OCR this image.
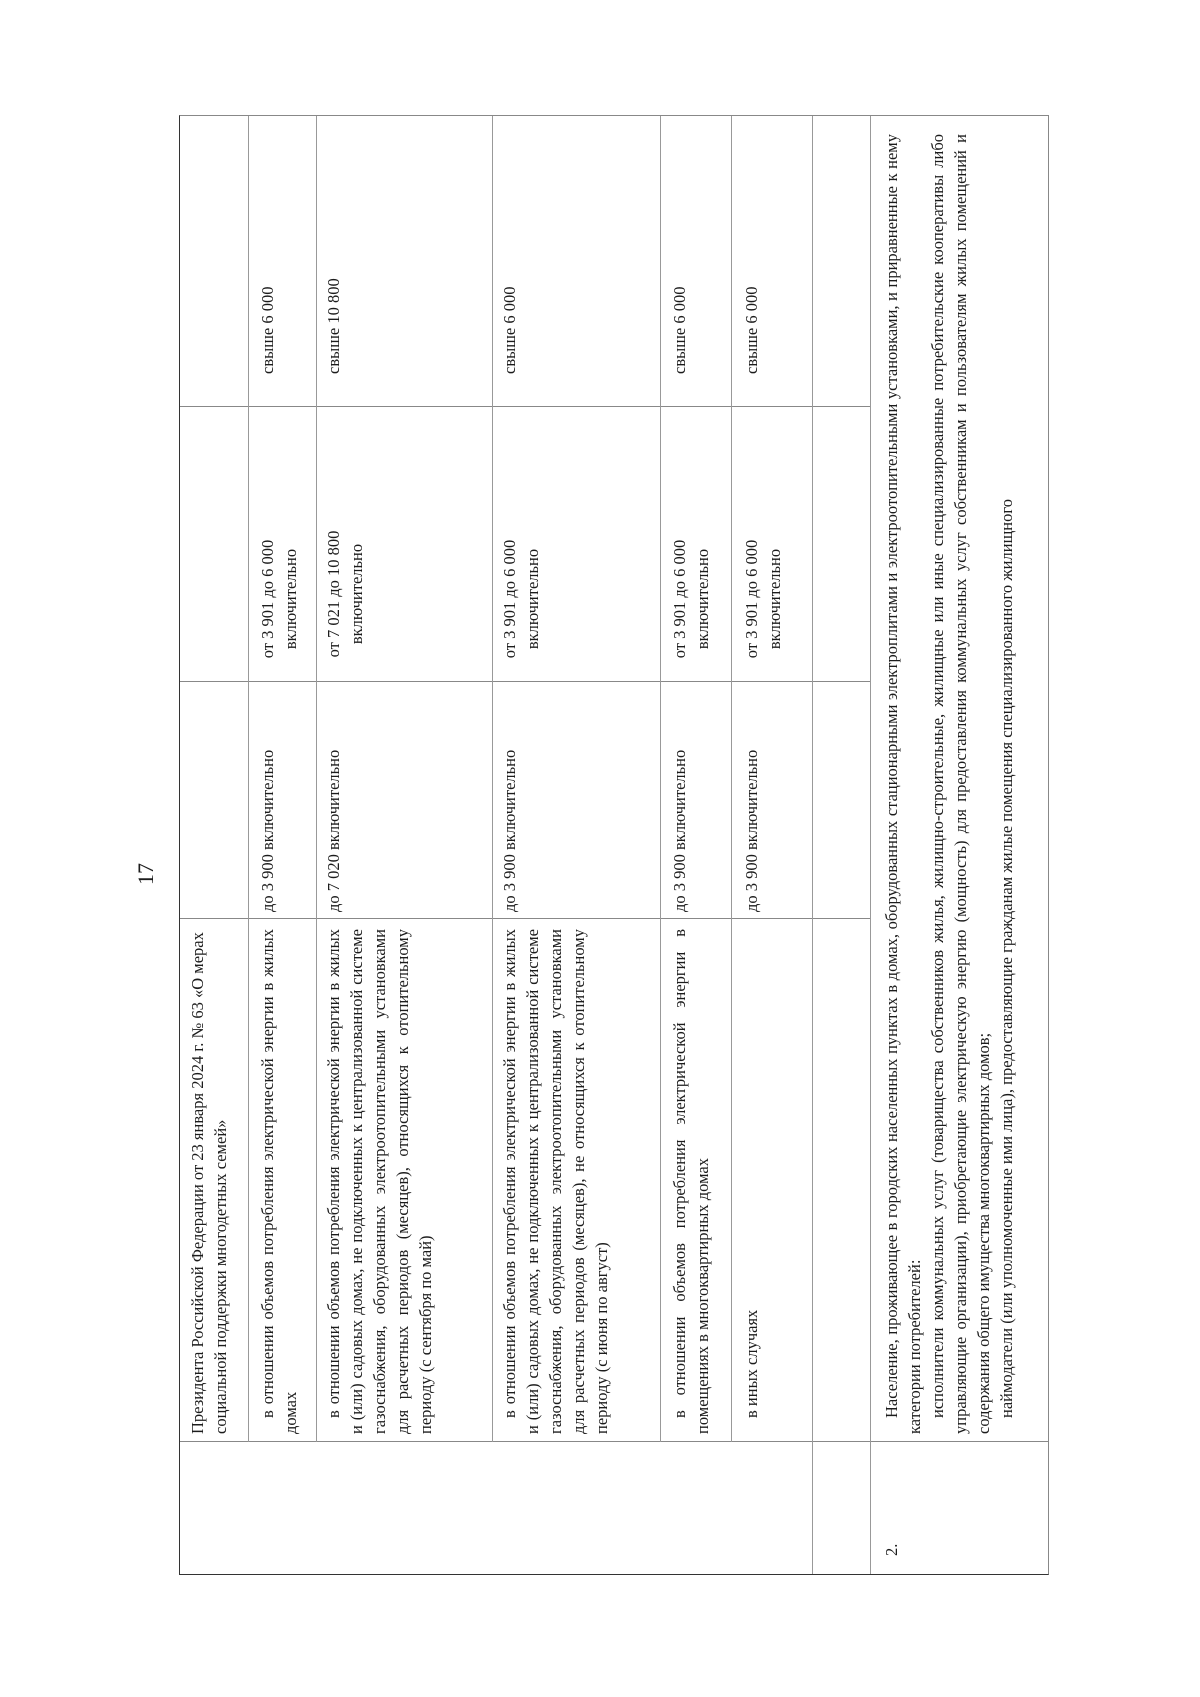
17
Президента Российской Федерации от 23 января 2024 г. № 63 «О мерах социальной поддержки многодетных семей» в отношении объемов потребления электрической энергии в жилых домах
до 3 900 включительно
от 3 901 до 6 000 включительно
свыше 6 000
в отношении объемов потребления электрической энергии в жилых и (или) садовых домах, не подключенных к централизованной системе газоснабжения, оборудованных электроотопительными установками для расчетных периодов (месяцев), относящихся к отопительному периоду (с сентября по май)
до 7 020 включительно
от 7 021 до 10 800 включительно
свыше 10 800
в отношении объемов потребления электрической энергии в жилых и (или) садовых домах, не подключенных к централизованной системе газоснабжения, оборудованных электроотопительными установками для расчетных периодов (месяцев), не относящихся к отопительному периоду (с июня по август)
до 3 900 включительно
от 3 901 до 6 000 включительно
свыше 6 000
в отношении объемов потребления электрической энергии в помещениях в многоквартирных домах
до 3 900 включительно
от 3 901 до 6 000 включительно
свыше 6 000
в иных случаях
до 3 900 включительно
от 3 901 до 6 000 включительно
свыше 6 000
2.
Население, проживающее в городских населенных пунктах в домах, оборудованных стационарными электроплитами и электроотопительными установками, и приравненные к нему категории потребителей: исполнители коммунальных услуг (товарищества собственников жилья, жилищно-строительные, жилищные или иные специализированные потребительские кооперативы либо управляющие организации), приобретающие электрическую энергию (мощность) для предоставления коммунальных услуг собственникам и пользователям жилых помещений и содержания общего имущества многоквартирных домов; наймодатели (или уполномоченные ими лица), предоставляющие гражданам жилые помещения специализированного жилищного
